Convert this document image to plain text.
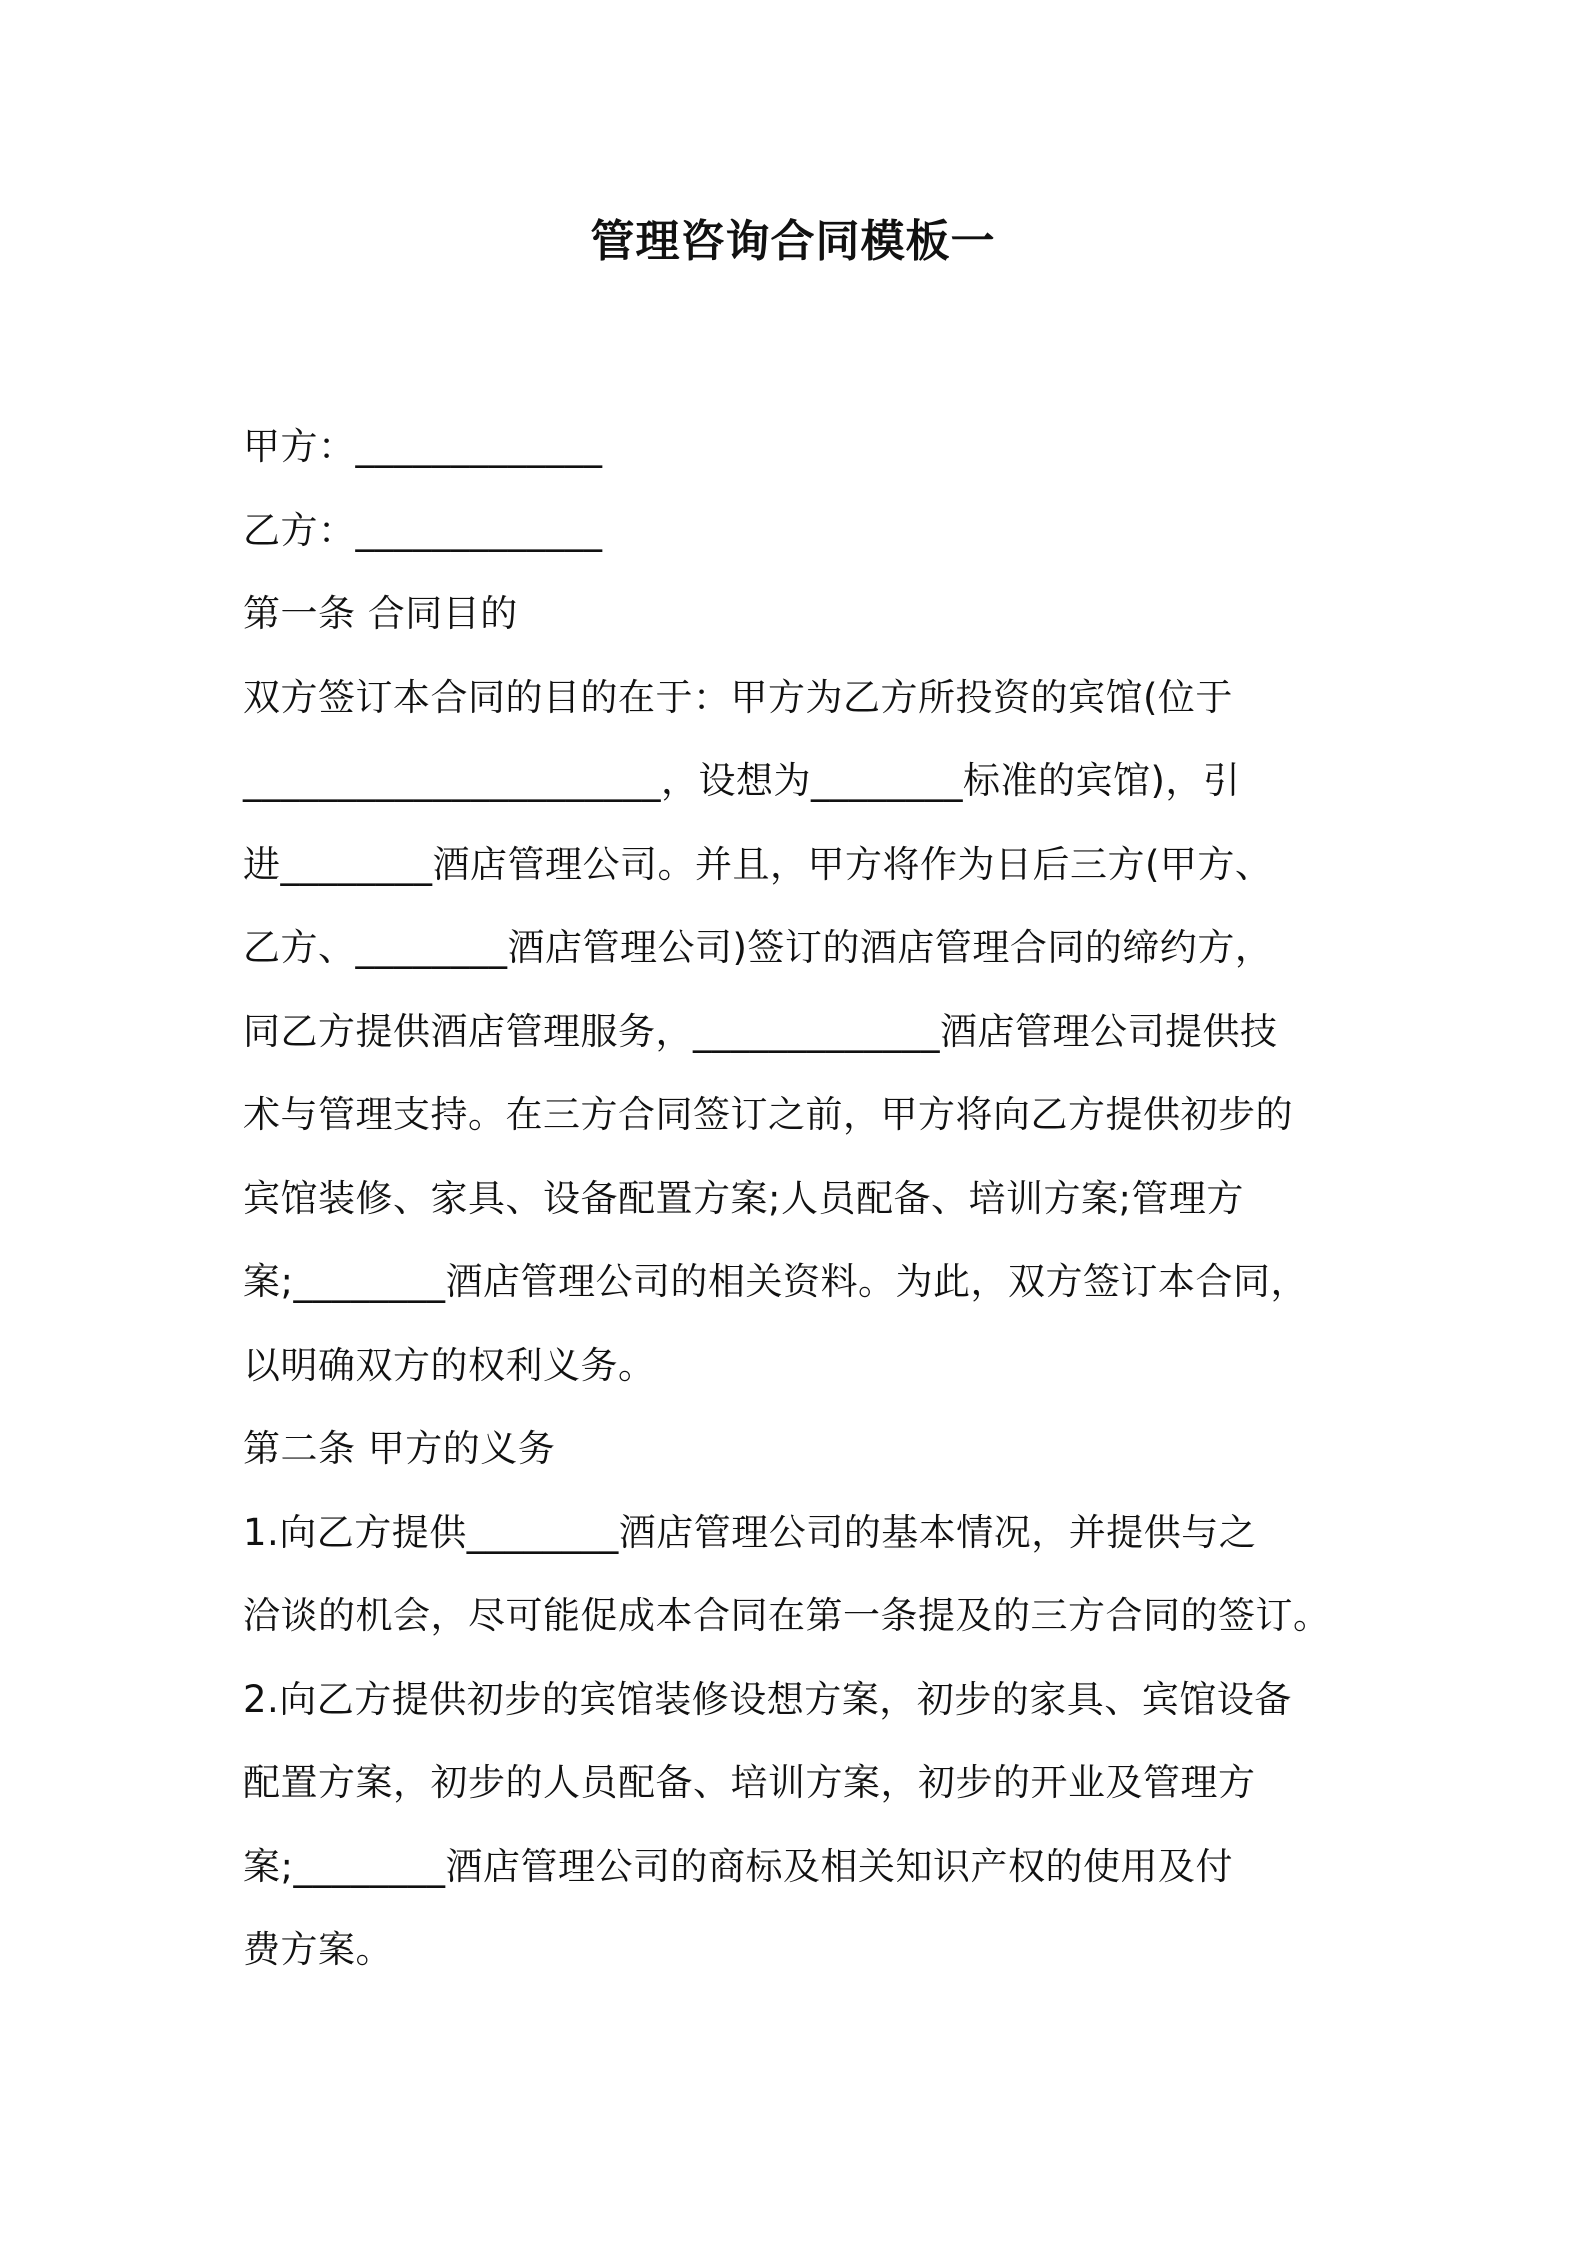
管理咨询合同模板一
甲方：_____________
乙方：_____________
第一条 合同目的
双方签订本合同的目的在于：甲方为乙方所投资的宾馆(位于
______________________，设想为________标准的宾馆)，引
进________酒店管理公司。并且，甲方将作为日后三方(甲方、
乙方、________酒店管理公司)签订的酒店管理合同的缔约方，
同乙方提供酒店管理服务，_____________酒店管理公司提供技
术与管理支持。在三方合同签订之前，甲方将向乙方提供初步的
宾馆装修、家具、设备配置方案;人员配备、培训方案;管理方
案;________酒店管理公司的相关资料。为此，双方签订本合同，
以明确双方的权利义务。
第二条 甲方的义务
1.向乙方提供________酒店管理公司的基本情况，并提供与之
洽谈的机会，尽可能促成本合同在第一条提及的三方合同的签订。
2.向乙方提供初步的宾馆装修设想方案，初步的家具、宾馆设备
配置方案，初步的人员配备、培训方案，初步的开业及管理方
案;________酒店管理公司的商标及相关知识产权的使用及付
费方案。
